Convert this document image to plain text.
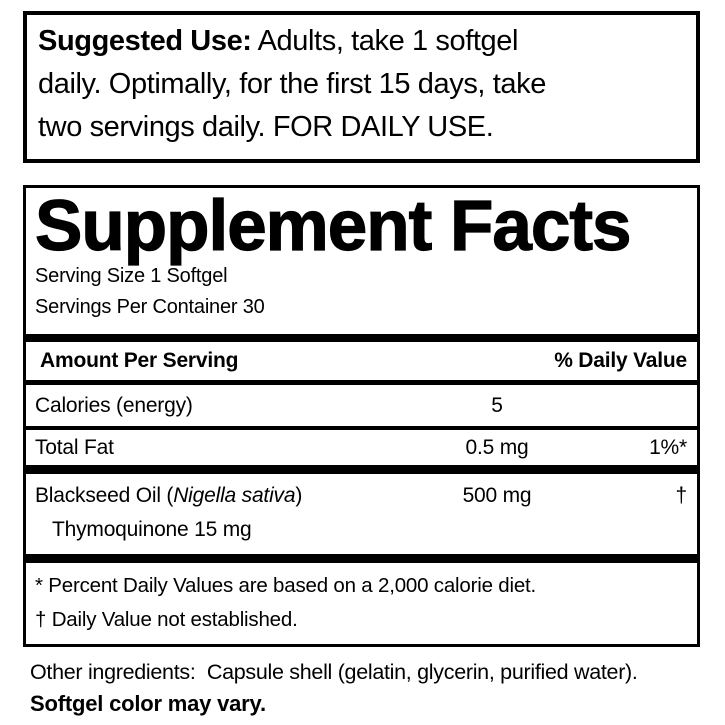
Suggested Use: Adults, take 1 softgel
daily. Optimally, for the first 15 days, take
two servings daily. FOR DAILY USE.
Supplement Facts
Serving Size 1 Softgel
Servings Per Container 30
Amount Per Serving	% Daily Value
Calories (energy)	5
Total Fat	0.5 mg	1%*
Blackseed Oil (Nigella sativa)	500 mg	†
Thymoquinone 15 mg
* Percent Daily Values are based on a 2,000 calorie diet.
† Daily Value not established.

Other ingredients:  Capsule shell (gelatin, glycerin, purified water).

Softgel color may vary.
